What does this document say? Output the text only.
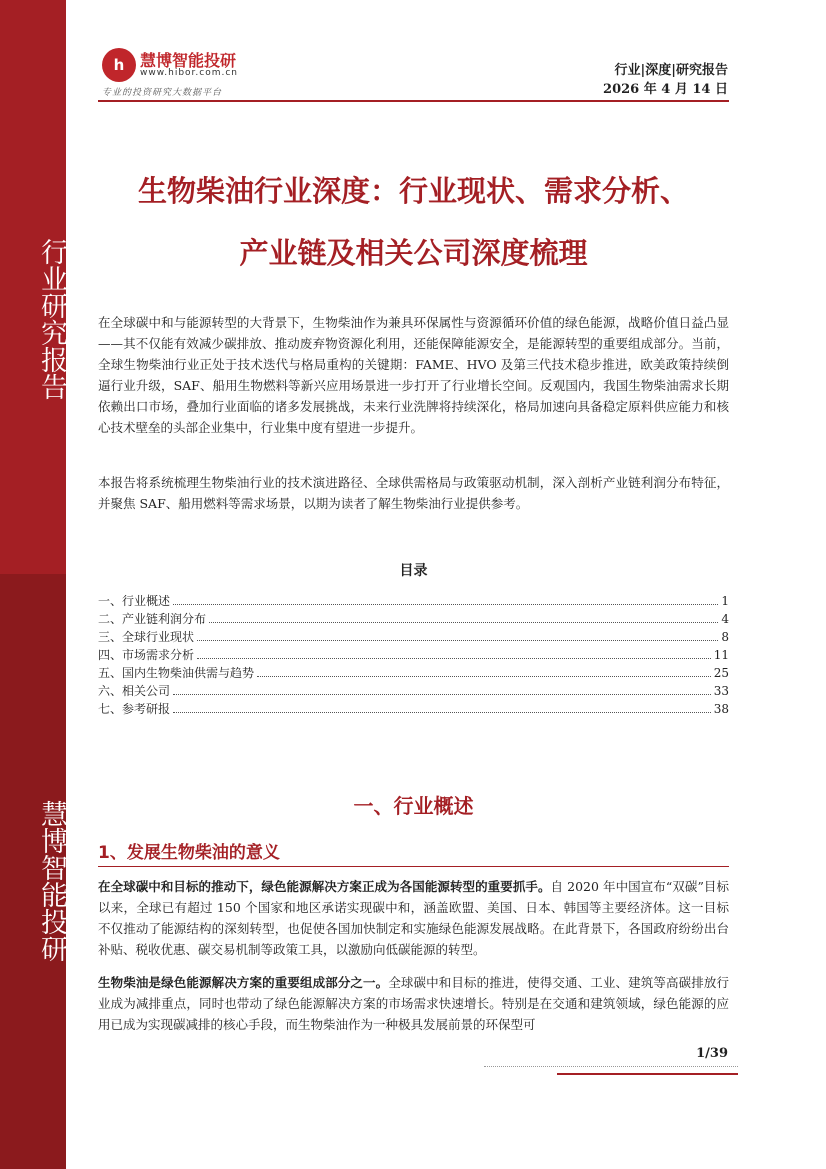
行业研究报告
慧博智能投研
h 慧博智能投研
www.hibor.com.cn
专业的投资研究大数据平台
行业|深度|研究报告
2026 年 4 月 14 日
生物柴油行业深度：行业现状、需求分析、
产业链及相关公司深度梳理
在全球碳中和与能源转型的大背景下，生物柴油作为兼具环保属性与资源循环价值的绿色能源，战略价值日益凸显——其不仅能有效减少碳排放、推动废弃物资源化利用，还能保障能源安全，是能源转型的重要组成部分。当前，全球生物柴油行业正处于技术迭代与格局重构的关键期：FAME、HVO 及第三代技术稳步推进，欧美政策持续倒逼行业升级，SAF、船用生物燃料等新兴应用场景进一步打开了行业增长空间。反观国内，我国生物柴油需求长期依赖出口市场，叠加行业面临的诸多发展挑战，未来行业洗牌将持续深化，格局加速向具备稳定原料供应能力和核心技术壁垒的头部企业集中，行业集中度有望进一步提升。
本报告将系统梳理生物柴油行业的技术演进路径、全球供需格局与政策驱动机制，深入剖析产业链利润分布特征，并聚焦 SAF、船用燃料等需求场景，以期为读者了解生物柴油行业提供参考。
目录
一、行业概述	1
二、产业链利润分布	4
三、全球行业现状	8
四、市场需求分析	11
五、国内生物柴油供需与趋势	25
六、相关公司	33
七、参考研报	38
一、行业概述
1、发展生物柴油的意义
在全球碳中和目标的推动下，绿色能源解决方案正成为各国能源转型的重要抓手。自 2020 年中国宣布“双碳”目标以来，全球已有超过 150 个国家和地区承诺实现碳中和，涵盖欧盟、美国、日本、韩国等主要经济体。这一目标不仅推动了能源结构的深刻转型，也促使各国加快制定和实施绿色能源发展战略。在此背景下，各国政府纷纷出台补贴、税收优惠、碳交易机制等政策工具，以激励向低碳能源的转型。
生物柴油是绿色能源解决方案的重要组成部分之一。全球碳中和目标的推进，使得交通、工业、建筑等高碳排放行业成为减排重点，同时也带动了绿色能源解决方案的市场需求快速增长。特别是在交通和建筑领域，绿色能源的应用已成为实现碳减排的核心手段，而生物柴油作为一种极具发展前景的环保型可
1/39
